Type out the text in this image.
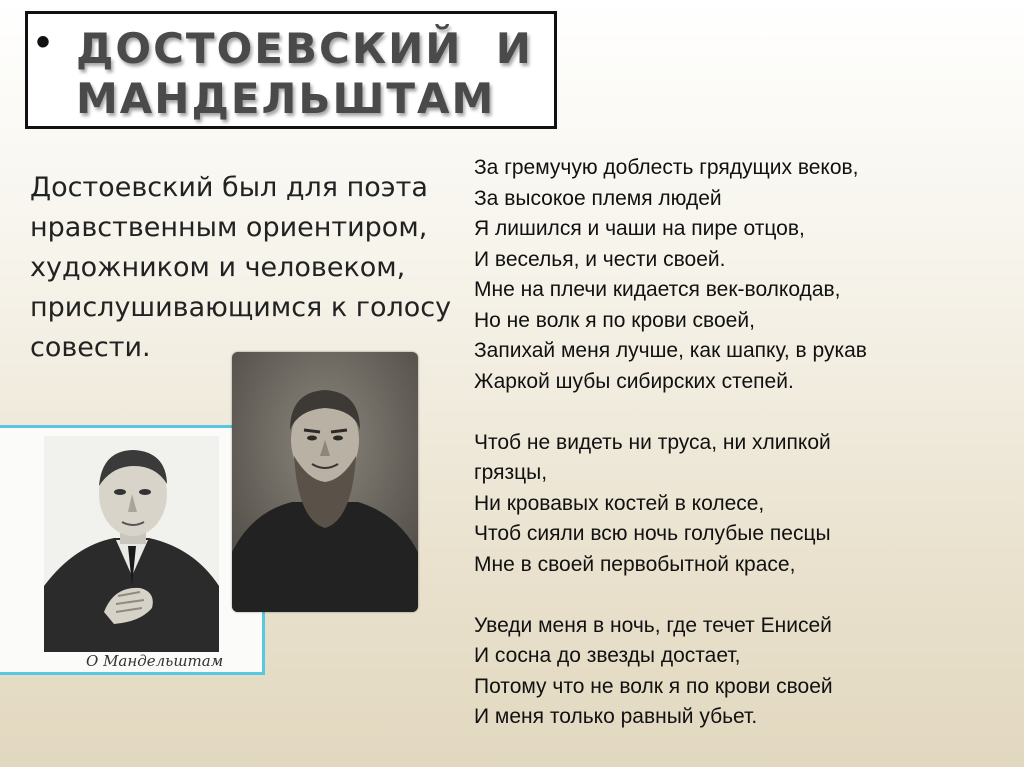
• ДОСТОЕВСКИЙ  И
МАНДЕЛЬШТАМ
Достоевский был для поэта
нравственным ориентиром,
художником и человеком,
прислушивающимся к голосу
совести.
За гремучую доблесть грядущих веков,
За высокое племя людей
Я лишился и чаши на пире отцов,
И веселья, и чести своей.
Мне на плечи кидается век-волкодав,
Но не волк я по крови своей,
Запихай меня лучше, как шапку, в рукав
Жаркой шубы сибирских степей.
Чтоб не видеть ни труса, ни хлипкой
грязцы,
Ни кровавых костей в колесе,
Чтоб сияли всю ночь голубые песцы
Мне в своей первобытной красе,
Уведи меня в ночь, где течет Енисей
И сосна до звезды достает,
Потому что не волк я по крови своей
И меня только равный убьет.
О Мандельштам
